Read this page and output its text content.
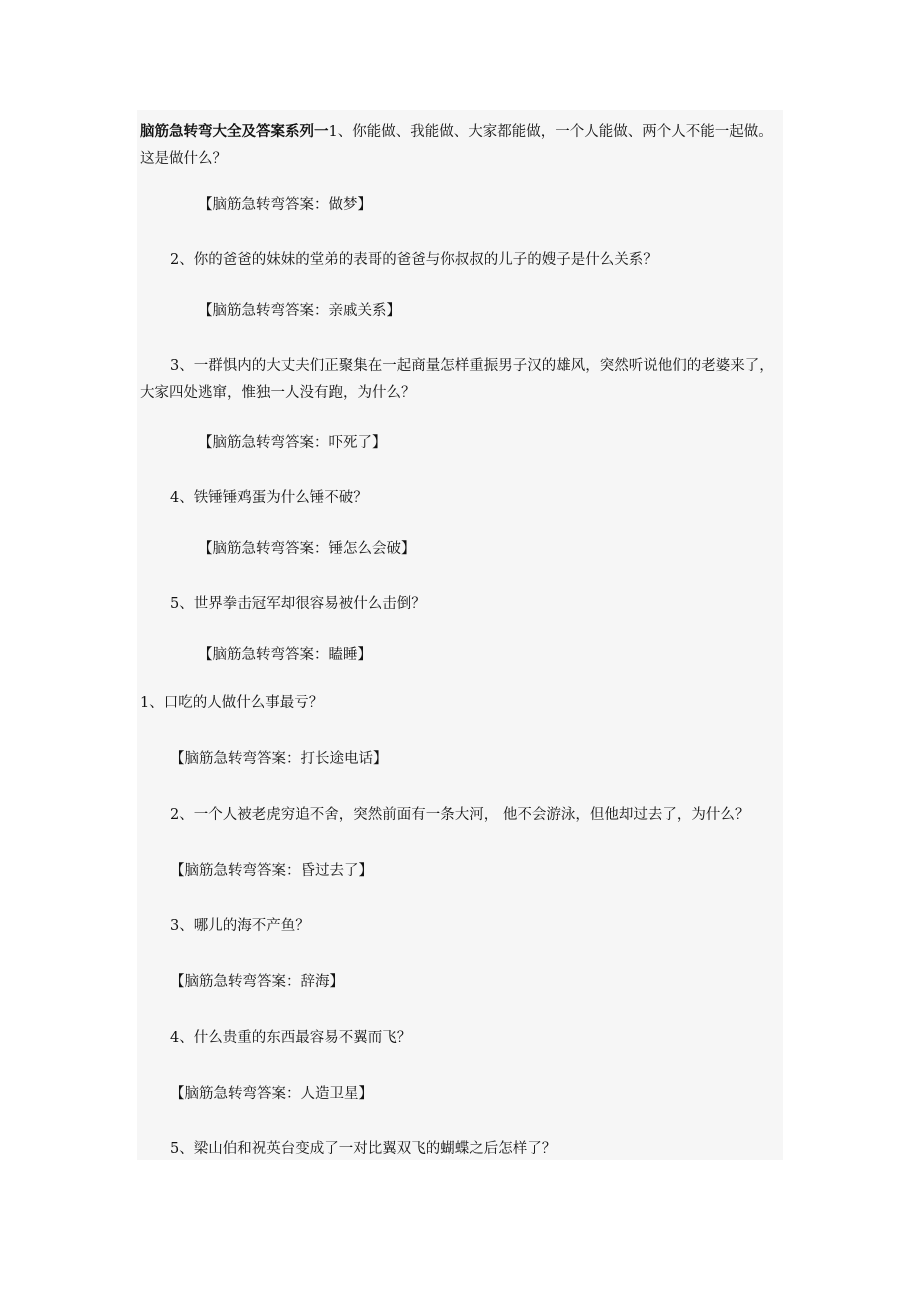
脑筋急转弯大全及答案系列一1、你能做、我能做、大家都能做，一个人能做、两个人不能一起做。这是做什么？

【脑筋急转弯答案：做梦】

2、你的爸爸的妹妹的堂弟的表哥的爸爸与你叔叔的儿子的嫂子是什么关系？

【脑筋急转弯答案：亲戚关系】

3、一群惧内的大丈夫们正聚集在一起商量怎样重振男子汉的雄风，突然听说他们的老婆来了，大家四处逃窜，惟独一人没有跑，为什么？

【脑筋急转弯答案：吓死了】

4、铁锤锤鸡蛋为什么锤不破？

【脑筋急转弯答案：锤怎么会破】

5、世界拳击冠军却很容易被什么击倒？

【脑筋急转弯答案：瞌睡】

1、口吃的人做什么事最亏？

【脑筋急转弯答案：打长途电话】

2、一个人被老虎穷追不舍，突然前面有一条大河， 他不会游泳，但他却过去了，为什么？

【脑筋急转弯答案：昏过去了】

3、哪儿的海不产鱼？

【脑筋急转弯答案：辞海】

4、什么贵重的东西最容易不翼而飞？

【脑筋急转弯答案：人造卫星】

5、梁山伯和祝英台变成了一对比翼双飞的蝴蝶之后怎样了？
